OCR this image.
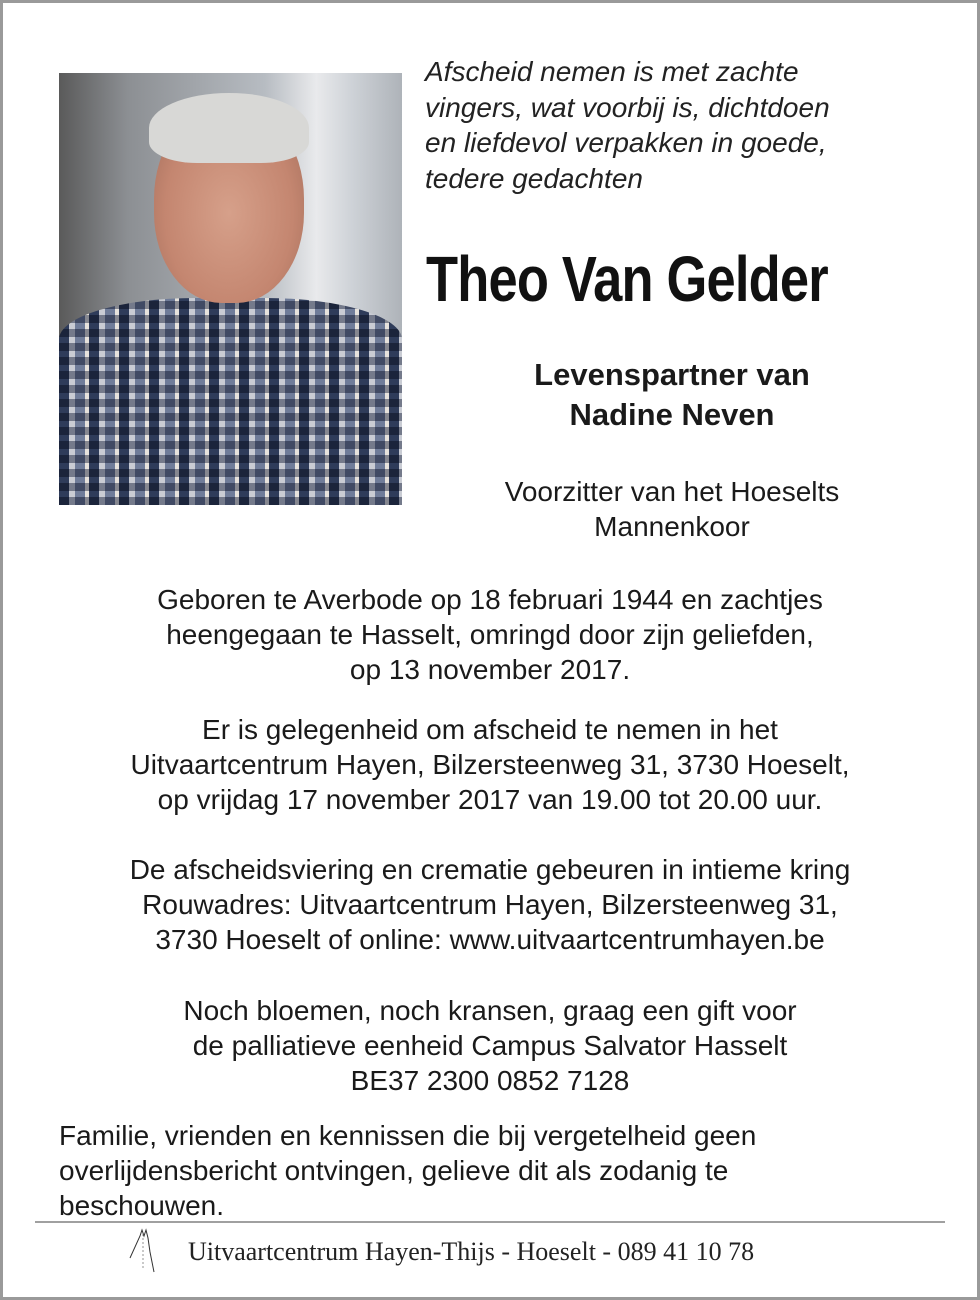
Afscheid nemen is met zachte
vingers, wat voorbij is, dichtdoen
en liefdevol verpakken in goede,
tedere gedachten
Theo Van Gelder
Levenspartner van
Nadine Neven
Voorzitter van het Hoeselts
Mannenkoor
Geboren te Averbode op 18 februari 1944 en zachtjes
heengegaan te Hasselt, omringd door zijn geliefden,
op 13 november 2017.
Er is gelegenheid om afscheid te nemen in het
Uitvaartcentrum Hayen, Bilzersteenweg 31, 3730 Hoeselt,
op vrijdag 17 november 2017 van 19.00 tot 20.00 uur.
De afscheidsviering en crematie gebeuren in intieme kring
Rouwadres: Uitvaartcentrum Hayen, Bilzersteenweg 31,
3730 Hoeselt of online: www.uitvaartcentrumhayen.be
Noch bloemen, noch kransen, graag een gift voor
de palliatieve eenheid Campus Salvator Hasselt
BE37 2300 0852 7128
Familie, vrienden en kennissen die bij vergetelheid geen
overlijdensbericht ontvingen, gelieve dit als zodanig te
beschouwen.
Uitvaartcentrum Hayen-Thijs - Hoeselt - 089 41 10 78
